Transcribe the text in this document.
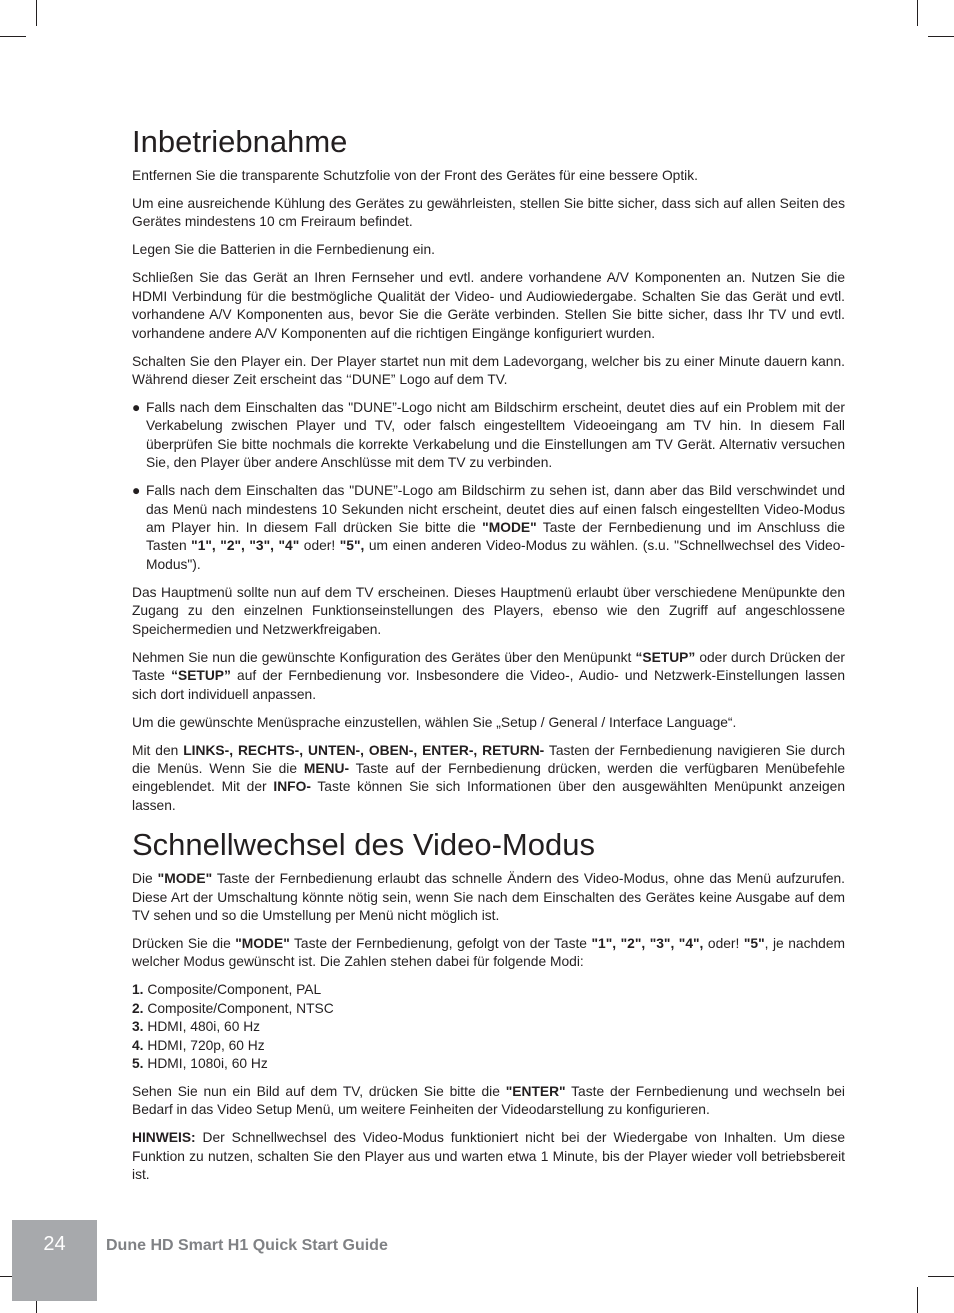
Inbetriebnahme

Entfernen Sie die transparente Schutzfolie von der Front des Gerätes für eine bessere Optik.

Um eine ausreichende Kühlung des Gerätes zu gewährleisten, stellen Sie bitte sicher, dass sich auf allen Seiten des Gerätes mindestens 10 cm Freiraum befindet.

Legen Sie die Batterien in die Fernbedienung ein.

Schließen Sie das Gerät an Ihren Fernseher und evtl. andere vorhandene A/V Komponenten an. Nutzen Sie die HDMI Verbindung für die bestmögliche Qualität der Video- und Audiowiedergabe. Schalten Sie das Gerät und evtl. vorhandene A/V Komponenten aus, bevor Sie die Geräte verbinden. Stellen Sie bitte sicher, dass Ihr TV und evtl. vorhandene andere A/V Komponenten auf die richtigen Eingänge konfiguriert wurden.

Schalten Sie den Player ein. Der Player startet nun mit dem Ladevorgang, welcher bis zu einer Minute dauern kann. Während dieser Zeit erscheint das ‘‘DUNE” Logo auf dem TV.

● Falls nach dem Einschalten das "DUNE”-Logo nicht am Bildschirm erscheint, deutet dies auf ein Problem mit der Verkabelung zwischen Player und TV, oder falsch eingestelltem Videoeingang am TV hin. In diesem Fall überprüfen Sie bitte nochmals die korrekte Verkabelung und die Einstellungen am TV Gerät. Alternativ versuchen Sie, den Player über andere Anschlüsse mit dem TV zu verbinden.
● Falls nach dem Einschalten das "DUNE”-Logo am Bildschirm zu sehen ist, dann aber das Bild verschwindet und das Menü nach mindestens 10 Sekunden nicht erscheint, deutet dies auf einen falsch eingestellten Video-Modus am Player hin. In diesem Fall drücken Sie bitte die "MODE" Taste der Fernbedienung und im Anschluss die Tasten "1", "2", "3", "4" oder! "5", um einen anderen Video-Modus zu wählen. (s.u. "Schnellwechsel des Video-Modus").

Das Hauptmenü sollte nun auf dem TV erscheinen. Dieses Hauptmenü erlaubt über verschiedene Menüpunkte den Zugang zu den einzelnen Funktionseinstellungen des Players, ebenso wie den Zugriff auf angeschlossene Speichermedien und Netzwerkfreigaben.

Nehmen Sie nun die gewünschte Konfiguration des Gerätes über den Menüpunkt “SETUP” oder durch Drücken der Taste “SETUP” auf der Fernbedienung vor. Insbesondere die Video-, Audio- und Netzwerk-Einstellungen lassen sich dort individuell anpassen.

Um die gewünschte Menüsprache einzustellen, wählen Sie „Setup / General / Interface Language“.

Mit den LINKS-, RECHTS-, UNTEN-, OBEN-, ENTER-, RETURN- Tasten der Fernbedienung navigieren Sie durch die Menüs. Wenn Sie die MENU- Taste auf der Fernbedienung drücken, werden die verfügbaren Menübefehle eingeblendet. Mit der INFO- Taste können Sie sich Informationen über den ausgewählten Menüpunkt anzeigen lassen.

Schnellwechsel des Video-Modus

Die "MODE" Taste der Fernbedienung erlaubt das schnelle Ändern des Video-Modus, ohne das Menü aufzurufen. Diese Art der Umschaltung könnte nötig sein, wenn Sie nach dem Einschalten des Gerätes keine Ausgabe auf dem TV sehen und so die Umstellung per Menü nicht möglich ist.

Drücken Sie die "MODE" Taste der Fernbedienung, gefolgt von der Taste "1", "2", "3", "4", oder! "5", je nachdem welcher Modus gewünscht ist. Die Zahlen stehen dabei für folgende Modi:

1. Composite/Component, PAL
2. Composite/Component, NTSC
3. HDMI, 480i, 60 Hz
4. HDMI, 720p, 60 Hz
5. HDMI, 1080i, 60 Hz

Sehen Sie nun ein Bild auf dem TV, drücken Sie bitte die "ENTER" Taste der Fernbedienung und wechseln bei Bedarf in das Video Setup Menü, um weitere Feinheiten der Videodarstellung zu konfigurieren.

HINWEIS: Der Schnellwechsel des Video-Modus funktioniert nicht bei der Wiedergabe von Inhalten. Um diese Funktion zu nutzen, schalten Sie den Player aus und warten etwa 1 Minute, bis der Player wieder voll betriebsbereit ist.

24	Dune HD Smart H1 Quick Start Guide
